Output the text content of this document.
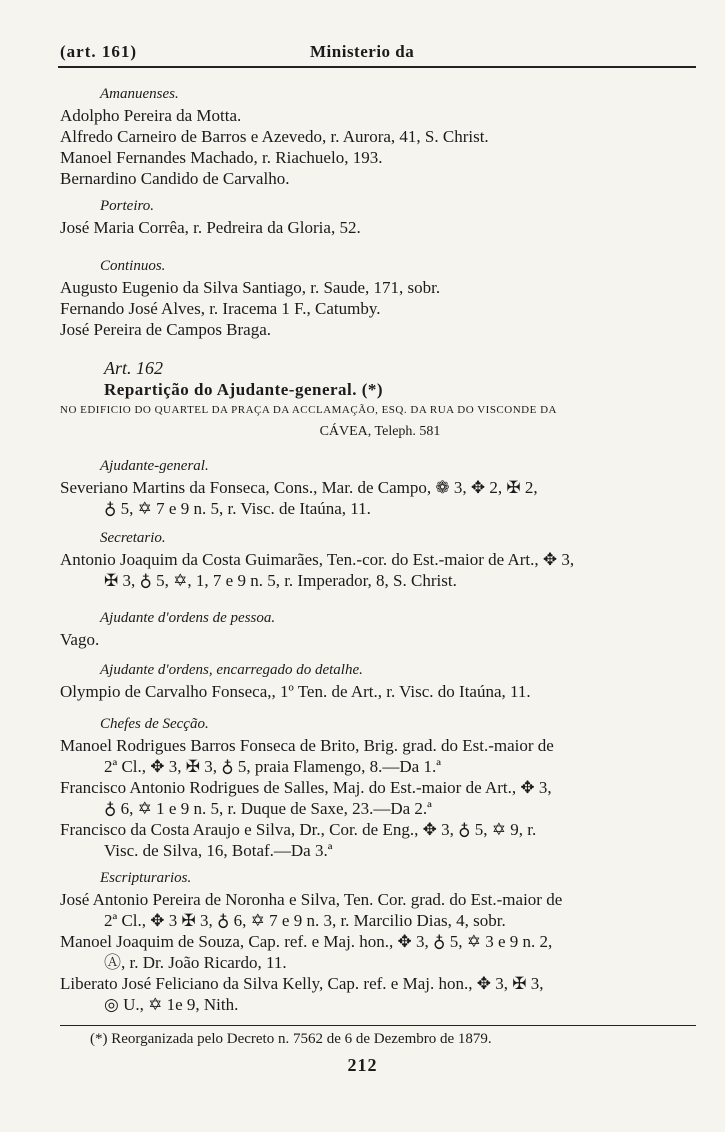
(art. 161)	Ministerio da
Amanuenses.
Adolpho Pereira da Motta.
Alfredo Carneiro de Barros e Azevedo, r. Aurora, 41, S. Christ.
Manoel Fernandes Machado, r. Riachuelo, 193.
Bernardino Candido de Carvalho.
Porteiro.
José Maria Corrêa, r. Pedreira da Gloria, 52.
Continuos.
Augusto Eugenio da Silva Santiago, r. Saude, 171, sobr.
Fernando José Alves, r. Iracema 1 F., Catumby.
José Pereira de Campos Braga.
Art. 162
Repartição do Ajudante-general. (*)
NO EDIFICIO DO QUARTEL DA PRAÇA DA ACCLAMAÇÃO, ESQ. DA RUA DO VISCONDE DA
CÁVEA, Teleph. 581
Ajudante-general.
Severiano Martins da Fonseca, Cons., Mar. de Campo, ❁ 3, ✥ 2, ✠ 2,
♁ 5, ✡ 7 e 9 n. 5, r. Visc. de Itaúna, 11.
Secretario.
Antonio Joaquim da Costa Guimarães, Ten.-cor. do Est.-maior de Art., ✥ 3,
✠ 3, ♁ 5, ✡, 1, 7 e 9 n. 5, r. Imperador, 8, S. Christ.
Ajudante d'ordens de pessoa.
Vago.
Ajudante d'ordens, encarregado do detalhe.
Olympio de Carvalho Fonseca,, 1º Ten. de Art., r. Visc. do Itaúna, 11.
Chefes de Secção.
Manoel Rodrigues Barros Fonseca de Brito, Brig. grad. do Est.-maior de
2ª Cl., ✥ 3, ✠ 3, ♁ 5, praia Flamengo, 8.—Da 1.ª
Francisco Antonio Rodrigues de Salles, Maj. do Est.-maior de Art., ✥ 3,
♁ 6, ✡ 1 e 9 n. 5, r. Duque de Saxe, 23.—Da 2.ª
Francisco da Costa Araujo e Silva, Dr., Cor. de Eng., ✥ 3, ♁ 5, ✡ 9, r.
Visc. de Silva, 16, Botaf.—Da 3.ª
Escripturarios.
José Antonio Pereira de Noronha e Silva, Ten. Cor. grad. do Est.-maior de
2ª Cl., ✥ 3 ✠ 3, ♁ 6, ✡ 7 e 9 n. 3, r. Marcilio Dias, 4, sobr.
Manoel Joaquim de Souza, Cap. ref. e Maj. hon., ✥ 3, ♁ 5, ✡ 3 e 9 n. 2,
Ⓐ, r. Dr. João Ricardo, 11.
Liberato José Feliciano da Silva Kelly, Cap. ref. e Maj. hon., ✥ 3, ✠ 3,
◎ U., ✡ 1e 9, Nith.
(*) Reorganizada pelo Decreto n. 7562 de 6 de Dezembro de 1879.
212
